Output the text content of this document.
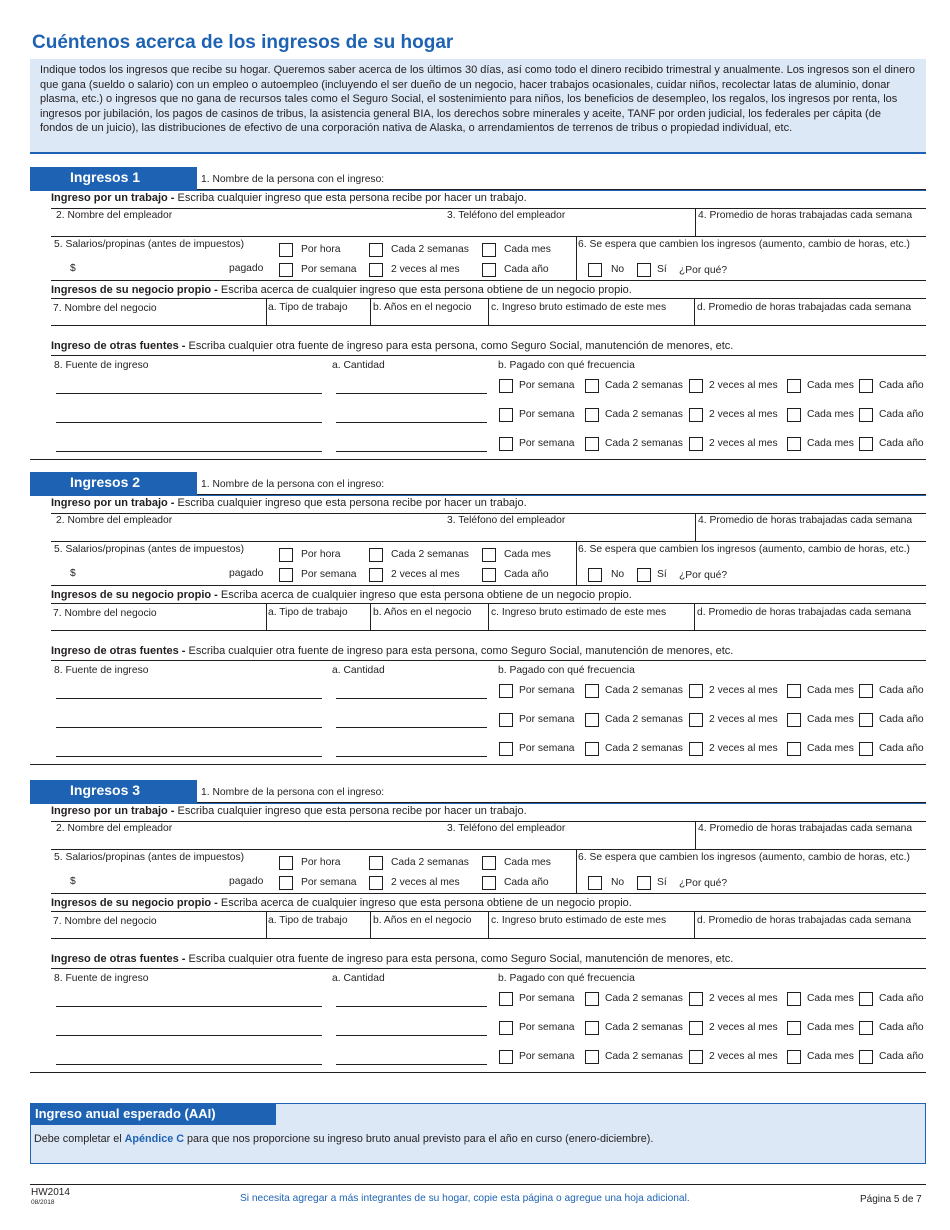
Cuéntenos acerca de los ingresos de su hogar
Indique todos los ingresos que recibe su hogar. Queremos saber acerca de los últimos 30 días, así como todo el dinero recibido trimestral y anualmente. Los ingresos son el dinero que gana (sueldo o salario) con un empleo o autoempleo (incluyendo el ser dueño de un negocio, hacer trabajos ocasionales, cuidar niños, recolectar latas de aluminio, donar plasma, etc.) o ingresos que no gana de recursos tales como el Seguro Social, el sostenimiento para niños, los beneficios de desempleo, los regalos, los ingresos por renta, los ingresos por jubilación, los pagos de casinos de tribus, la asistencia general BIA, los derechos sobre minerales y aceite, TANF por orden judicial, los federales per cápita (de fondos de un juicio), las distribuciones de efectivo de una corporación nativa de Alaska, o arrendamientos de terrenos de tribus o propiedad individual, etc.
Ingresos 1	1. Nombre de la persona con el ingreso:
Ingreso por un trabajo - Escriba cualquier ingreso que esta persona recibe por hacer un trabajo.
2. Nombre del empleador	3. Teléfono del empleador	4. Promedio de horas trabajadas cada semana
5. Salarios/propinas (antes de impuestos)
$	pagado
Por hora	Cada 2 semanas	Cada mes
Por semana	2 veces al mes	Cada año
6. Se espera que cambien los ingresos (aumento, cambio de horas, etc.)
No	Sí ¿Por qué?
Ingresos de su negocio propio - Escriba acerca de cualquier ingreso que esta persona obtiene de un negocio propio.
7. Nombre del negocio	a. Tipo de trabajo b. Años en el negocio c. Ingreso bruto estimado de este mes	d. Promedio de horas trabajadas cada semana
Ingreso de otras fuentes - Escriba cualquier otra fuente de ingreso para esta persona, como Seguro Social, manutención de menores, etc.
8. Fuente de ingreso	a. Cantidad	b. Pagado con qué frecuencia
Por semana	Cada 2 semanas	2 veces al mes	Cada mes Cada año
Por semana	Cada 2 semanas	2 veces al mes	Cada mes Cada año
Por semana	Cada 2 semanas	2 veces al mes	Cada mes Cada año
Ingresos 2	1. Nombre de la persona con el ingreso:
Ingreso por un trabajo - Escriba cualquier ingreso que esta persona recibe por hacer un trabajo.
2. Nombre del empleador	3. Teléfono del empleador	4. Promedio de horas trabajadas cada semana
5. Salarios/propinas (antes de impuestos)
$	pagado
Por hora	Cada 2 semanas	Cada mes
Por semana	2 veces al mes	Cada año
6. Se espera que cambien los ingresos (aumento, cambio de horas, etc.)
No	Sí ¿Por qué?
Ingresos de su negocio propio - Escriba acerca de cualquier ingreso que esta persona obtiene de un negocio propio.
7. Nombre del negocio	a. Tipo de trabajo b. Años en el negocio c. Ingreso bruto estimado de este mes	d. Promedio de horas trabajadas cada semana
Ingreso de otras fuentes - Escriba cualquier otra fuente de ingreso para esta persona, como Seguro Social, manutención de menores, etc.
8. Fuente de ingreso	a. Cantidad	b. Pagado con qué frecuencia
Por semana	Cada 2 semanas	2 veces al mes	Cada mes Cada año
Por semana	Cada 2 semanas	2 veces al mes	Cada mes Cada año
Por semana	Cada 2 semanas	2 veces al mes	Cada mes Cada año
Ingresos 3	1. Nombre de la persona con el ingreso:
Ingreso por un trabajo - Escriba cualquier ingreso que esta persona recibe por hacer un trabajo.
2. Nombre del empleador	3. Teléfono del empleador	4. Promedio de horas trabajadas cada semana
5. Salarios/propinas (antes de impuestos)
$	pagado
Por hora	Cada 2 semanas	Cada mes
Por semana	2 veces al mes	Cada año
6. Se espera que cambien los ingresos (aumento, cambio de horas, etc.)
No	Sí ¿Por qué?
Ingresos de su negocio propio - Escriba acerca de cualquier ingreso que esta persona obtiene de un negocio propio.
7. Nombre del negocio	a. Tipo de trabajo b. Años en el negocio c. Ingreso bruto estimado de este mes	d. Promedio de horas trabajadas cada semana
Ingreso de otras fuentes - Escriba cualquier otra fuente de ingreso para esta persona, como Seguro Social, manutención de menores, etc.
8. Fuente de ingreso	a. Cantidad	b. Pagado con qué frecuencia
Por semana	Cada 2 semanas	2 veces al mes	Cada mes Cada año
Por semana	Cada 2 semanas	2 veces al mes	Cada mes Cada año
Por semana	Cada 2 semanas	2 veces al mes	Cada mes Cada año
Ingreso anual esperado (AAI)
Debe completar el Apéndice C para que nos proporcione su ingreso bruto anual previsto para el año en curso (enero-diciembre).
HW2014
08/2018	Si necesita agregar a más integrantes de su hogar, copie esta página o agregue una hoja adicional.	Página 5 de 7
